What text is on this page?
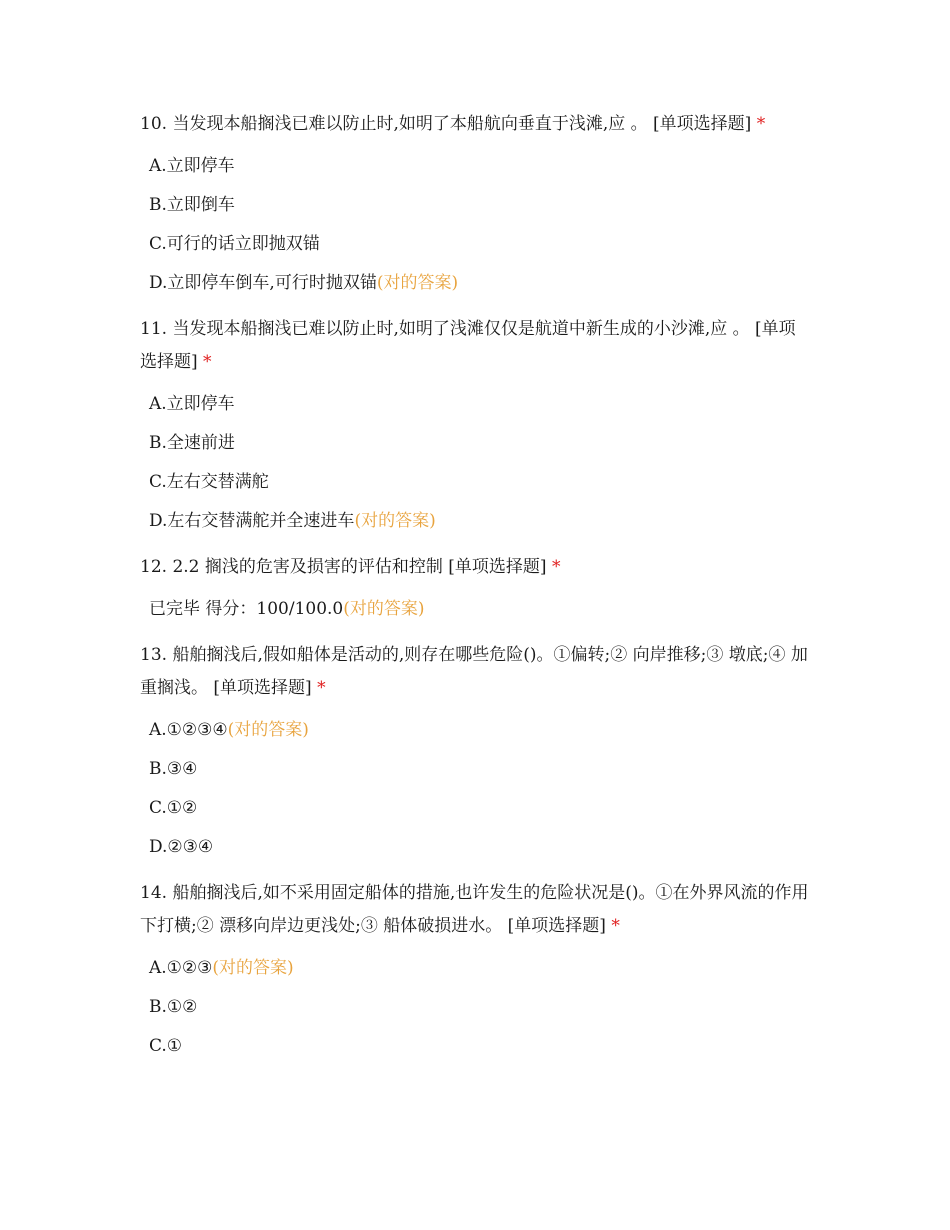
10. 当发现本船搁浅已难以防止时,如明了本船航向垂直于浅滩,应 。 [单项选择题] *
A.立即停车
B.立即倒车
C.可行的话立即抛双锚
D.立即停车倒车,可行时抛双锚(对的答案)
11. 当发现本船搁浅已难以防止时,如明了浅滩仅仅是航道中新生成的小沙滩,应 。 [单项选择题] *
A.立即停车
B.全速前进
C.左右交替满舵
D.左右交替满舵并全速进车(对的答案)
12. 2.2 搁浅的危害及损害的评估和控制 [单项选择题] *
已完毕 得分：100/100.0(对的答案)
13. 船舶搁浅后,假如船体是活动的,则存在哪些危险()。①偏转;② 向岸推移;③ 墩底;④ 加重搁浅。 [单项选择题] *
A.①②③④(对的答案)
B.③④
C.①②
D.②③④
14. 船舶搁浅后,如不采用固定船体的措施,也许发生的危险状况是()。①在外界风流的作用下打横;② 漂移向岸边更浅处;③ 船体破损进水。 [单项选择题] *
A.①②③(对的答案)
B.①②
C.①
